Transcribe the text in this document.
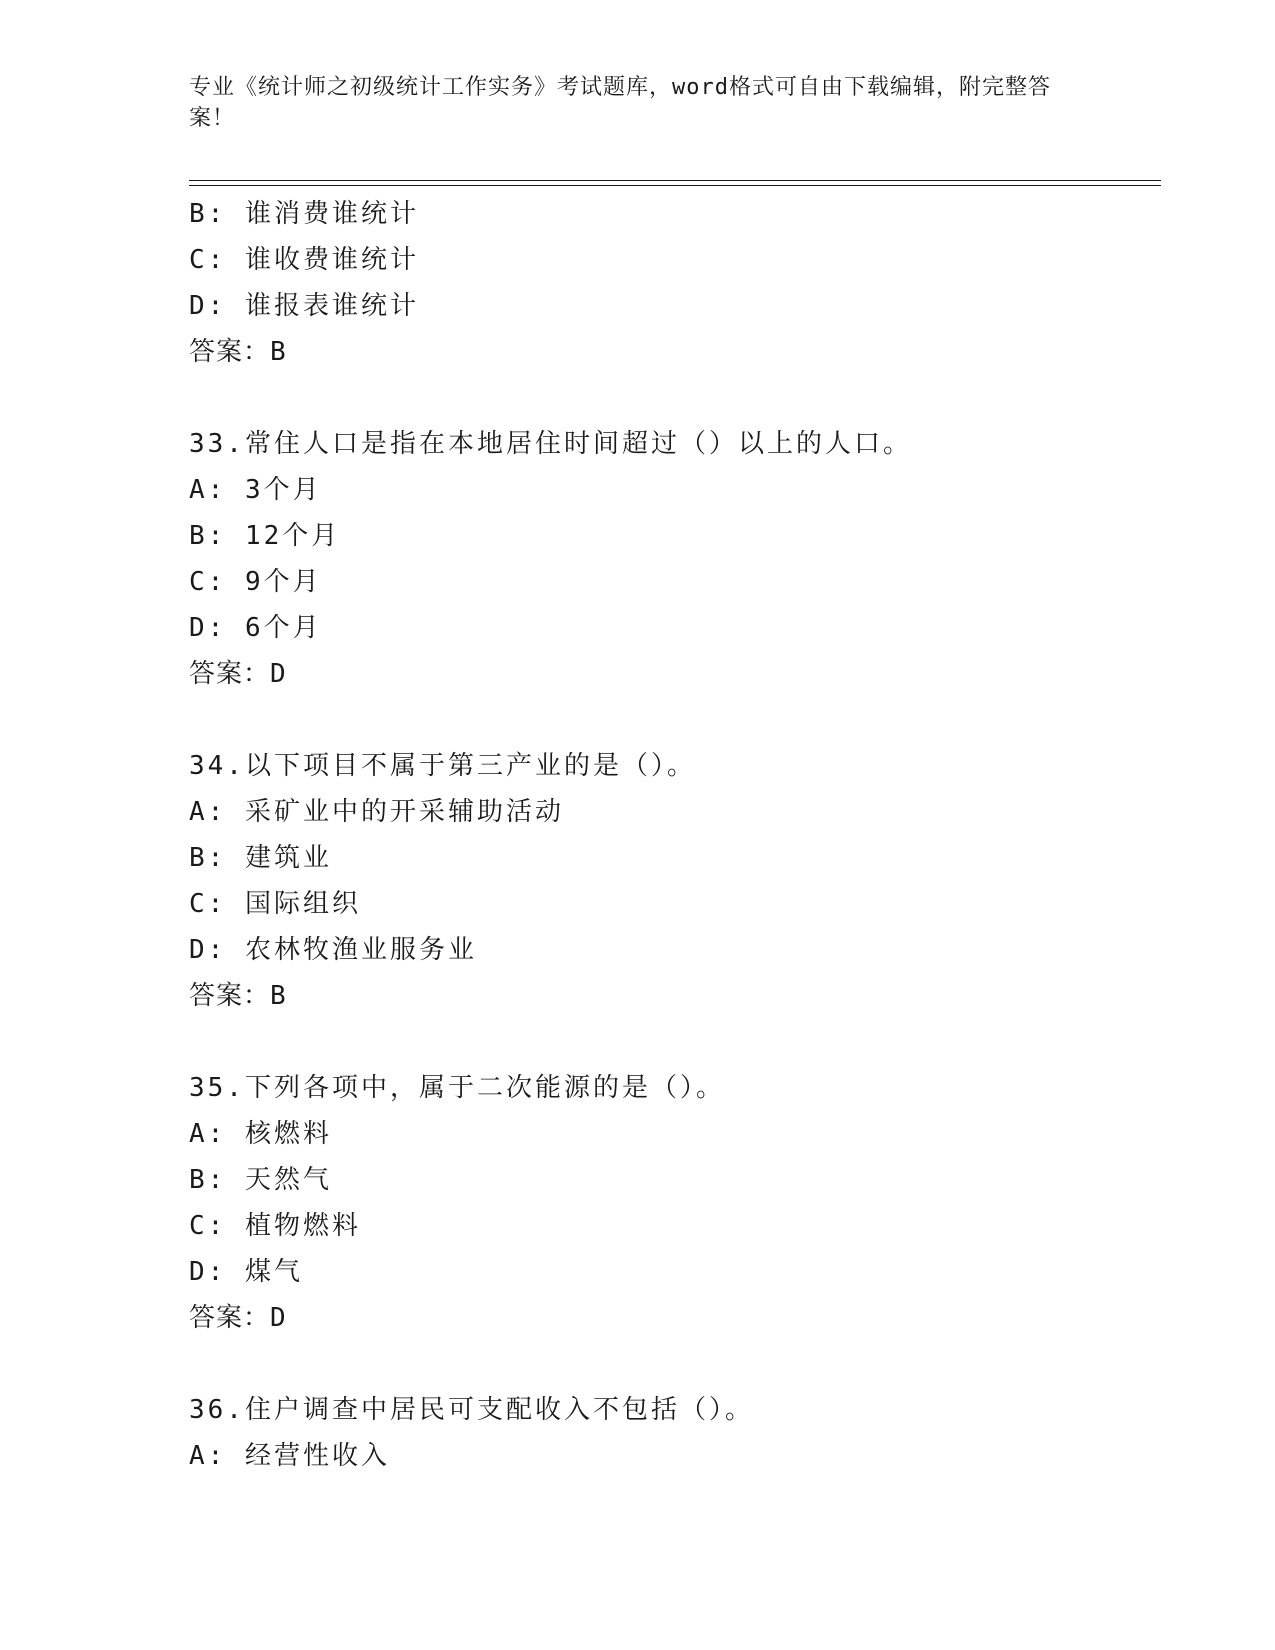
专业《统计师之初级统计工作实务》考试题库，word格式可自由下载编辑，附完整答案！
B: 谁消费谁统计
C: 谁收费谁统计
D: 谁报表谁统计
答案：B
33.常住人口是指在本地居住时间超过（）以上的人口。
A: 3个月
B: 12个月
C: 9个月
D: 6个月
答案：D
34.以下项目不属于第三产业的是（）。
A: 采矿业中的开采辅助活动
B: 建筑业
C: 国际组织
D: 农林牧渔业服务业
答案：B
35.下列各项中，属于二次能源的是（）。
A: 核燃料
B: 天然气
C: 植物燃料
D: 煤气
答案：D
36.住户调查中居民可支配收入不包括（）。
A: 经营性收入
